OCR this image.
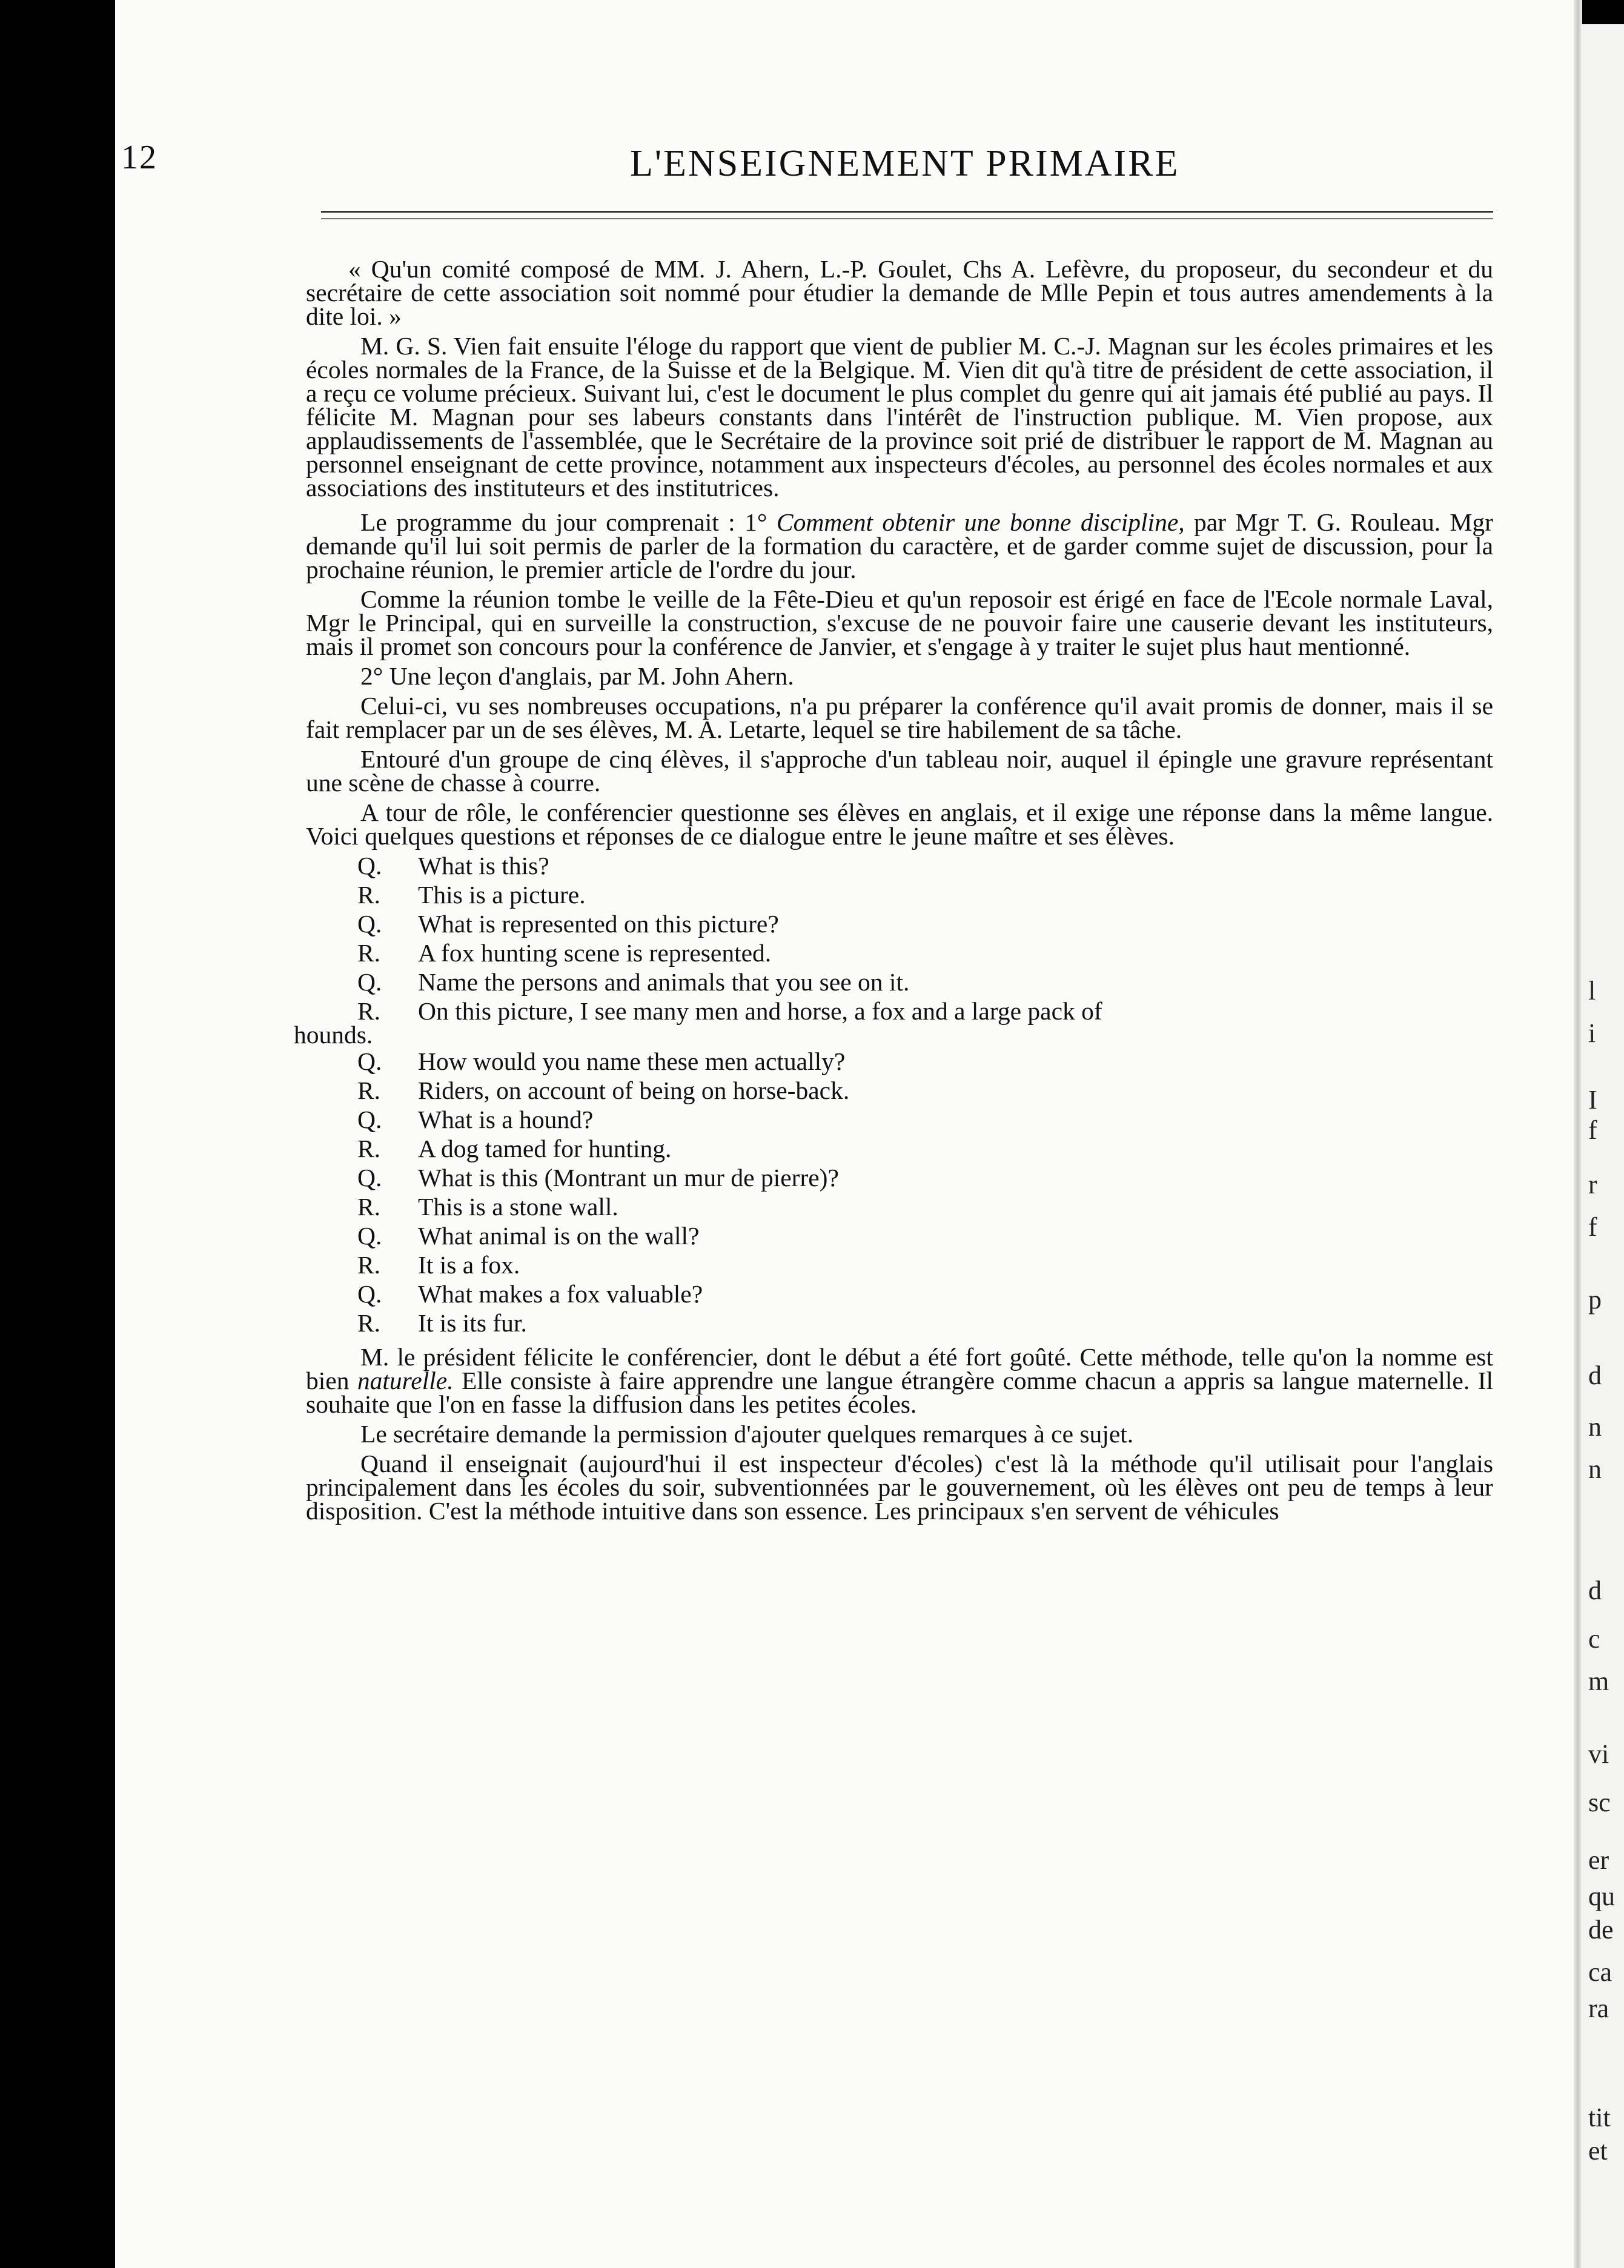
l
i
I
f
r
f
p
d
n
n
d
c
m
vi
sc
er
qu
de
ca
ra
tit
et
12	L'ENSEIGNEMENT PRIMAIRE

« Qu'un comité composé de MM. J. Ahern, L.-P. Goulet, Chs A. Lefèvre, du proposeur, du secondeur et du secrétaire de cette association soit nommé pour étudier la demande de Mlle Pepin et tous autres amendements à la dite loi. »

M. G. S. Vien fait ensuite l'éloge du rapport que vient de publier M. C.-J. Magnan sur les écoles primaires et les écoles normales de la France, de la Suisse et de la Belgique. M. Vien dit qu'à titre de président de cette association, il a reçu ce volume précieux. Suivant lui, c'est le document le plus complet du genre qui ait jamais été publié au pays. Il félicite M. Magnan pour ses labeurs constants dans l'intérêt de l'instruction publique. M. Vien propose, aux applaudissements de l'assemblée, que le Secrétaire de la province soit prié de distribuer le rapport de M. Magnan au personnel enseignant de cette province, notamment aux inspecteurs d'écoles, au personnel des écoles normales et aux associations des instituteurs et des institutrices.

Le programme du jour comprenait : 1° Comment obtenir une bonne discipline, par Mgr T. G. Rouleau. Mgr demande qu'il lui soit permis de parler de la formation du caractère, et de garder comme sujet de discussion, pour la prochaine réunion, le premier article de l'ordre du jour.

Comme la réunion tombe le veille de la Fête-Dieu et qu'un reposoir est érigé en face de l'Ecole normale Laval, Mgr le Principal, qui en surveille la construction, s'excuse de ne pouvoir faire une causerie devant les instituteurs, mais il promet son concours pour la conférence de Janvier, et s'engage à y traiter le sujet plus haut mentionné.

2° Une leçon d'anglais, par M. John Ahern.

Celui-ci, vu ses nombreuses occupations, n'a pu préparer la conférence qu'il avait promis de donner, mais il se fait remplacer par un de ses élèves, M. A. Letarte, lequel se tire habilement de sa tâche.

Entouré d'un groupe de cinq élèves, il s'approche d'un tableau noir, auquel il épingle une gravure représentant une scène de chasse à courre.

A tour de rôle, le conférencier questionne ses élèves en anglais, et il exige une réponse dans la même langue. Voici quelques questions et réponses de ce dialogue entre le jeune maître et ses élèves.

Q.	What is this?
R.	This is a picture.
Q.	What is represented on this picture?
R.	A fox hunting scene is represented.
Q.	Name the persons and animals that you see on it.
R.	On this picture, I see many men and horse, a fox and a large pack of
hounds.
Q.	How would you name these men actually?
R.	Riders, on account of being on horse-back.
Q.	What is a hound?
R.	A dog tamed for hunting.
Q.	What is this (Montrant un mur de pierre)?
R.	This is a stone wall.
Q.	What animal is on the wall?
R.	It is a fox.
Q.	What makes a fox valuable?
R.	It is its fur.

M. le président félicite le conférencier, dont le début a été fort goûté. Cette méthode, telle qu'on la nomme est bien naturelle. Elle consiste à faire apprendre une langue étrangère comme chacun a appris sa langue maternelle. Il souhaite que l'on en fasse la diffusion dans les petites écoles.

Le secrétaire demande la permission d'ajouter quelques remarques à ce sujet.

Quand il enseignait (aujourd'hui il est inspecteur d'écoles) c'est là la méthode qu'il utilisait pour l'anglais principalement dans les écoles du soir, subventionnées par le gouvernement, où les élèves ont peu de temps à leur disposition. C'est la méthode intuitive dans son essence. Les principaux s'en servent de véhicules
